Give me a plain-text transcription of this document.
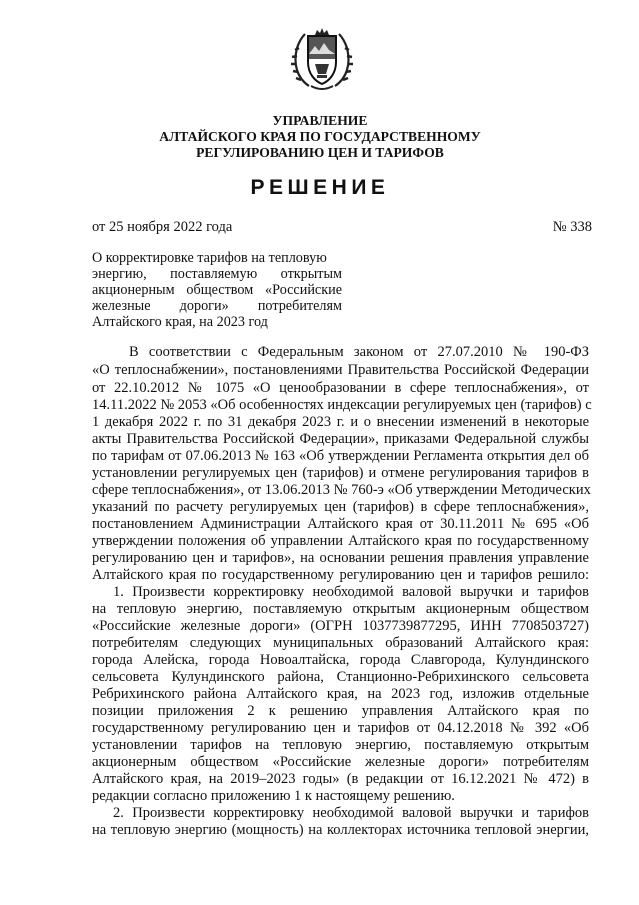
УПРАВЛЕНИЕ
АЛТАЙСКОГО КРАЯ ПО ГОСУДАРСТВЕННОМУ
РЕГУЛИРОВАНИЮ ЦЕН И ТАРИФОВ
РЕШЕНИЕ
от 25 ноября 2022 года	№ 338
О корректировке тарифов на тепловую
энергию, поставляемую открытым
акционерным обществом «Российские
железные дороги» потребителям
Алтайского края, на 2023 год
В соответствии с Федеральным законом от 27.07.2010 № 190-ФЗ
«О теплоснабжении», постановлениями Правительства Российской Федерации
от 22.10.2012 № 1075 «О ценообразовании в сфере теплоснабжения», от
14.11.2022 № 2053 «Об особенностях индексации регулируемых цен (тарифов) с
1 декабря 2022 г. по 31 декабря 2023 г. и о внесении изменений в некоторые
акты Правительства Российской Федерации», приказами Федеральной службы
по тарифам от 07.06.2013 № 163 «Об утверждении Регламента открытия дел об
установлении регулируемых цен (тарифов) и отмене регулирования тарифов в
сфере теплоснабжения», от 13.06.2013 № 760-э «Об утверждении Методических
указаний по расчету регулируемых цен (тарифов) в сфере теплоснабжения»,
постановлением Администрации Алтайского края от 30.11.2011 № 695 «Об
утверждении положения об управлении Алтайского края по государственному
регулированию цен и тарифов», на основании решения правления управление
Алтайского края по государственному регулированию цен и тарифов решило:
1. Произвести корректировку необходимой валовой выручки и тарифов
на тепловую энергию, поставляемую открытым акционерным обществом
«Российские железные дороги» (ОГРН 1037739877295, ИНН 7708503727)
потребителям следующих муниципальных образований Алтайского края:
города Алейска, города Новоалтайска, города Славгорода, Кулундинского
сельсовета Кулундинского района, Станционно-Ребрихинского сельсовета
Ребрихинского района Алтайского края, на 2023 год, изложив отдельные
позиции приложения 2 к решению управления Алтайского края по
государственному регулированию цен и тарифов от 04.12.2018 № 392 «Об
установлении тарифов на тепловую энергию, поставляемую открытым
акционерным обществом «Российские железные дороги» потребителям
Алтайского края, на 2019–2023 годы» (в редакции от 16.12.2021 № 472) в
редакции согласно приложению 1 к настоящему решению.
2. Произвести корректировку необходимой валовой выручки и тарифов
на тепловую энергию (мощность) на коллекторах источника тепловой энергии,
